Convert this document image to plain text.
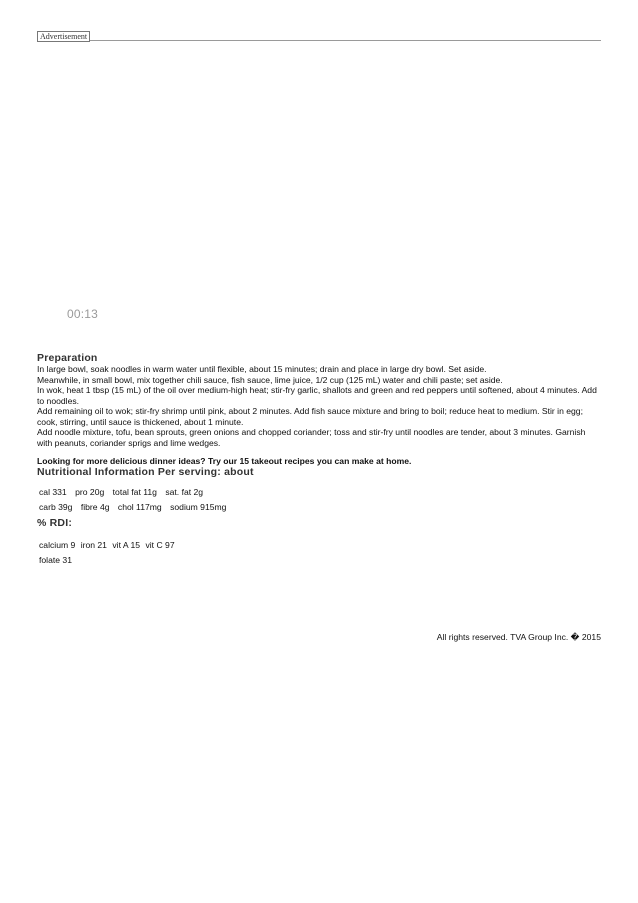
Advertisement
00:13
Preparation

In large bowl, soak noodles in warm water until flexible, about 15 minutes; drain and place in large dry bowl. Set aside.

Meanwhile, in small bowl, mix together chili sauce, fish sauce, lime juice, 1/2 cup (125 mL) water and chili paste; set aside.

In wok, heat 1 tbsp (15 mL) of the oil over medium-high heat; stir-fry garlic, shallots and green and red peppers until softened, about 4 minutes. Add to noodles.

Add remaining oil to wok; stir-fry shrimp until pink, about 2 minutes. Add fish sauce mixture and bring to boil; reduce heat to medium. Stir in egg; cook, stirring, until sauce is thickened, about 1 minute.

Add noodle mixture, tofu, bean sprouts, green onions and chopped coriander; toss and stir-fry until noodles are tender, about 3 minutes. Garnish with peanuts, coriander sprigs and lime wedges.

Looking for more delicious dinner ideas? Try our 15 takeout recipes you can make at home.
Nutritional Information Per serving: about
cal 331 pro 20g total fat 11g sat. fat 2g
carb 39g fibre 4g chol 117mg sodium 915mg
% RDI:
calcium 9 iron 21 vit A 15 vit C 97
folate 31
All rights reserved. TVA Group Inc. � 2015
